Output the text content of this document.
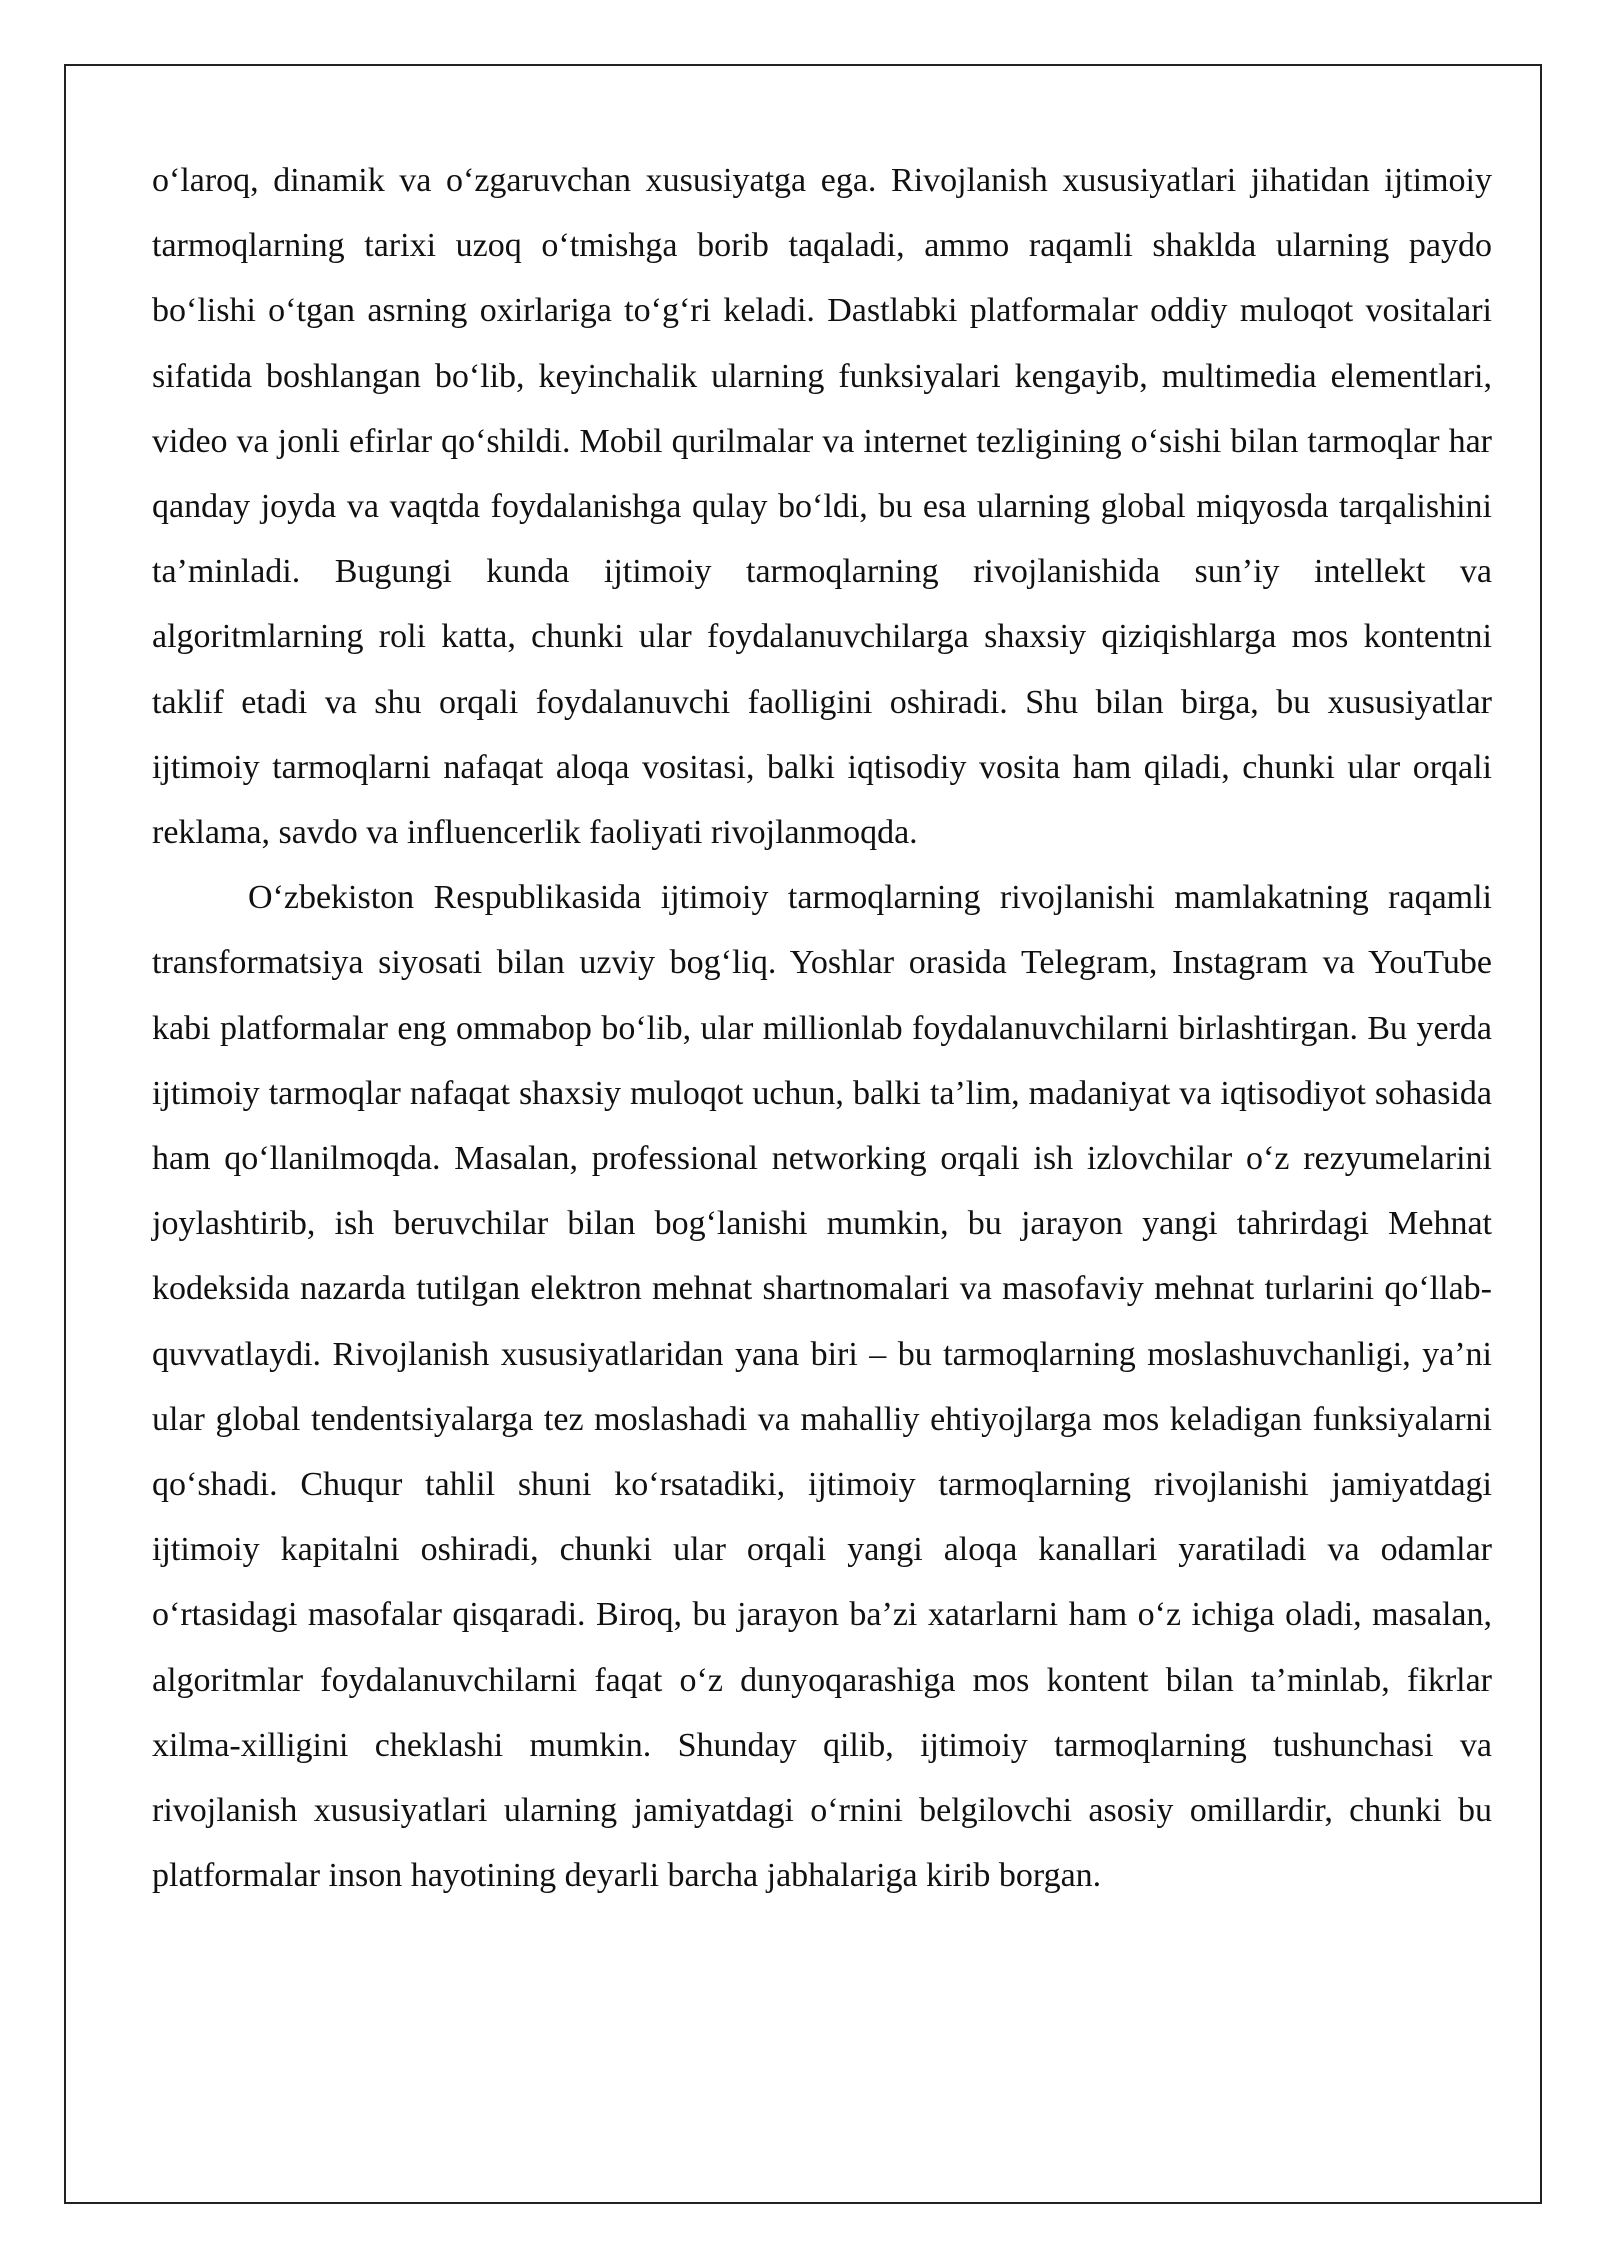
o‘laroq, dinamik va o‘zgaruvchan xususiyatga ega. Rivojlanish xususiyatlari jihatidan ijtimoiy tarmoqlarning tarixi uzoq o‘tmishga borib taqaladi, ammo raqamli shaklda ularning paydo bo‘lishi o‘tgan asrning oxirlariga to‘g‘ri keladi. Dastlabki platformalar oddiy muloqot vositalari sifatida boshlangan bo‘lib, keyinchalik ularning funksiyalari kengayib, multimedia elementlari, video va jonli efirlar qo‘shildi. Mobil qurilmalar va internet tezligining o‘sishi bilan tarmoqlar har qanday joyda va vaqtda foydalanishga qulay bo‘ldi, bu esa ularning global miqyosda tarqalishini ta’minladi. Bugungi kunda ijtimoiy tarmoqlarning rivojlanishida sun’iy intellekt va algoritmlarning roli katta, chunki ular foydalanuvchilarga shaxsiy qiziqishlarga mos kontentni taklif etadi va shu orqali foydalanuvchi faolligini oshiradi. Shu bilan birga, bu xususiyatlar ijtimoiy tarmoqlarni nafaqat aloqa vositasi, balki iqtisodiy vosita ham qiladi, chunki ular orqali reklama, savdo va influencerlik faoliyati rivojlanmoqda.

O‘zbekiston Respublikasida ijtimoiy tarmoqlarning rivojlanishi mamlakatning raqamli transformatsiya siyosati bilan uzviy bog‘liq. Yoshlar orasida Telegram, Instagram va YouTube kabi platformalar eng ommabop bo‘lib, ular millionlab foydalanuvchilarni birlashtirgan. Bu yerda ijtimoiy tarmoqlar nafaqat shaxsiy muloqot uchun, balki ta’lim, madaniyat va iqtisodiyot sohasida ham qo‘llanilmoqda. Masalan, professional networking orqali ish izlovchilar o‘z rezyumelarini joylashtirib, ish beruvchilar bilan bog‘lanishi mumkin, bu jarayon yangi tahrirdagi Mehnat kodeksida nazarda tutilgan elektron mehnat shartnomalari va masofaviy mehnat turlarini qo‘llab-quvvatlaydi. Rivojlanish xususiyatlaridan yana biri – bu tarmoqlarning moslashuvchanligi, ya’ni ular global tendentsiyalarga tez moslashadi va mahalliy ehtiyojlarga mos keladigan funksiyalarni qo‘shadi. Chuqur tahlil shuni ko‘rsatadiki, ijtimoiy tarmoqlarning rivojlanishi jamiyatdagi ijtimoiy kapitalni oshiradi, chunki ular orqali yangi aloqa kanallari yaratiladi va odamlar o‘rtasidagi masofalar qisqaradi. Biroq, bu jarayon ba’zi xatarlarni ham o‘z ichiga oladi, masalan, algoritmlar foydalanuvchilarni faqat o‘z dunyoqarashiga mos kontent bilan ta’minlab, fikrlar xilma-xilligini cheklashi mumkin. Shunday qilib, ijtimoiy tarmoqlarning tushunchasi va rivojlanish xususiyatlari ularning jamiyatdagi o‘rnini belgilovchi asosiy omillardir, chunki bu platformalar inson hayotining deyarli barcha jabhalariga kirib borgan.
